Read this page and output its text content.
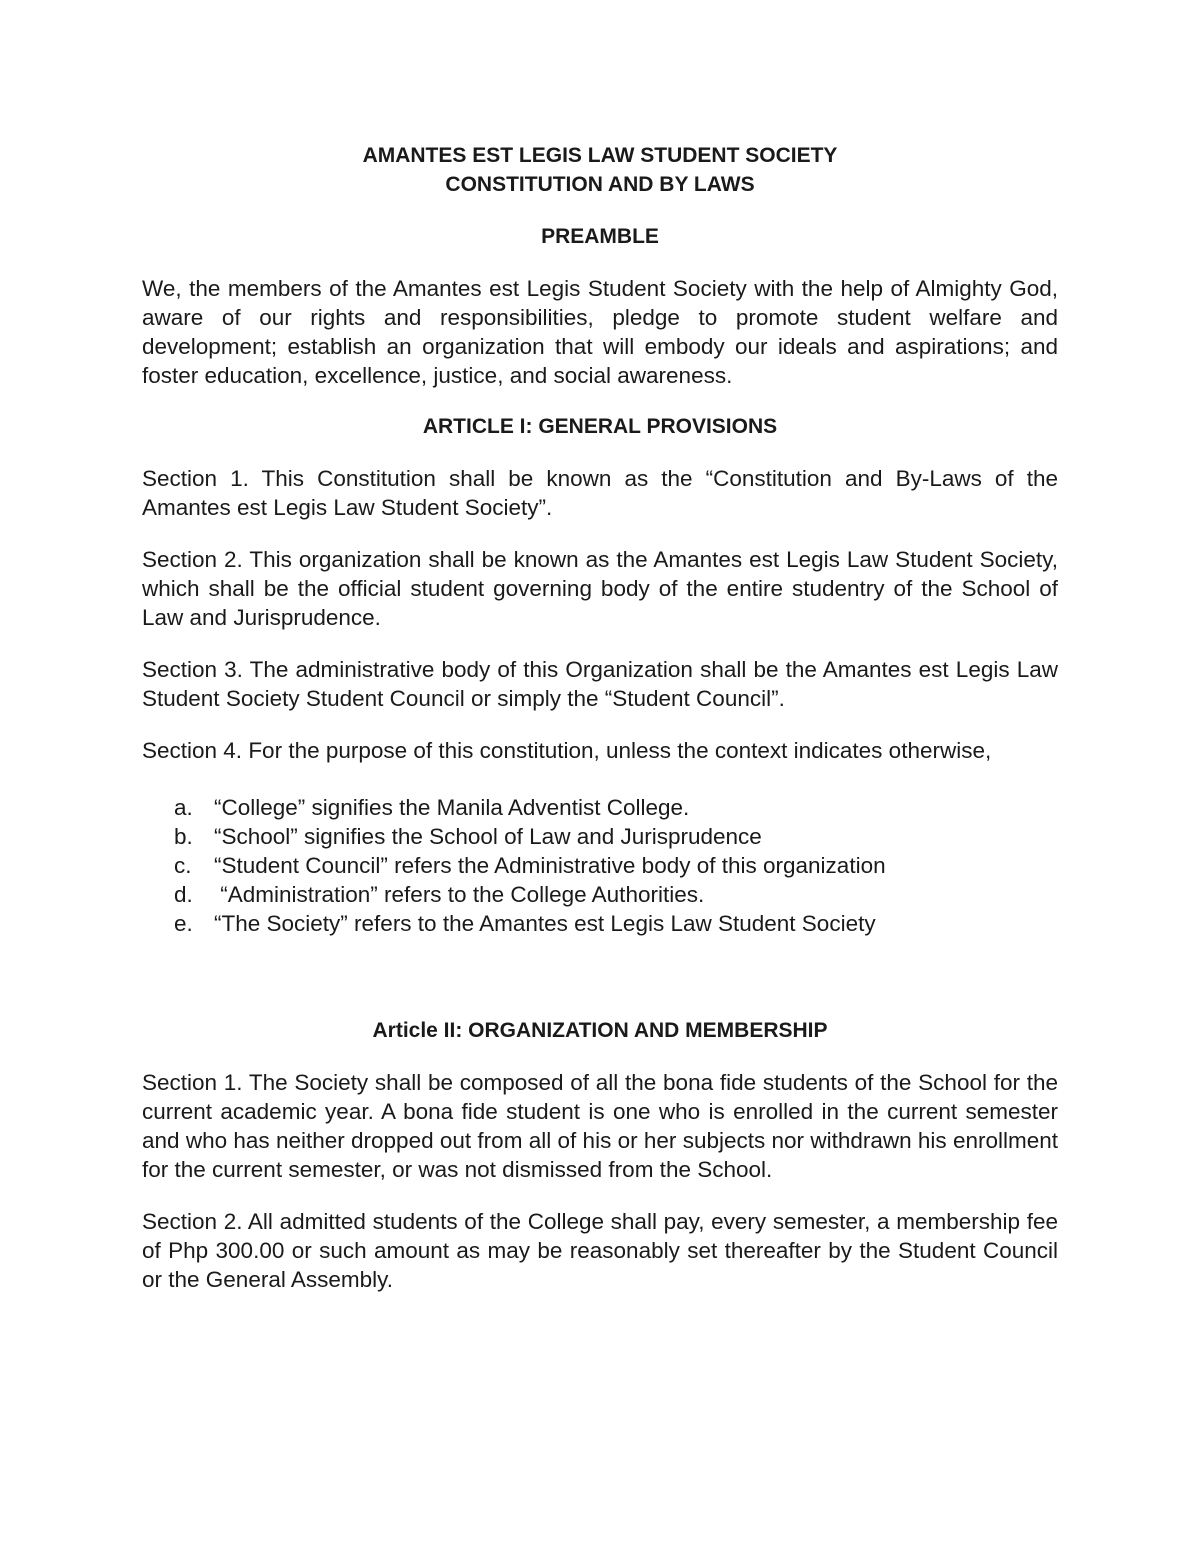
AMANTES EST LEGIS LAW STUDENT SOCIETY
CONSTITUTION AND BY LAWS
PREAMBLE

We, the members of the Amantes est Legis Student Society with the help of Almighty God, aware of our rights and responsibilities, pledge to promote student welfare and development; establish an organization that will embody our ideals and aspirations; and foster education, excellence, justice, and social awareness.

ARTICLE I: GENERAL PROVISIONS

Section 1. This Constitution shall be known as the “Constitution and By-Laws of the Amantes est Legis Law Student Society”.

Section 2. This organization shall be known as the Amantes est Legis Law Student Society, which shall be the official student governing body of the entire studentry of the School of Law and Jurisprudence.

Section 3. The administrative body of this Organization shall be the Amantes est Legis Law Student Society Student Council or simply the “Student Council”.

Section 4. For the purpose of this constitution, unless the context indicates otherwise,

a. “College” signifies the Manila Adventist College.
b. “School” signifies the School of Law and Jurisprudence
c. “Student Council” refers the Administrative body of this organization
d. “Administration” refers to the College Authorities.
e. “The Society” refers to the Amantes est Legis Law Student Society
Article II: ORGANIZATION AND MEMBERSHIP

Section 1. The Society shall be composed of all the bona fide students of the School for the current academic year. A bona fide student is one who is enrolled in the current semester and who has neither dropped out from all of his or her subjects nor withdrawn his enrollment for the current semester, or was not dismissed from the School.

Section 2. All admitted students of the College shall pay, every semester, a membership fee of Php 300.00 or such amount as may be reasonably set thereafter by the Student Council or the General Assembly.
